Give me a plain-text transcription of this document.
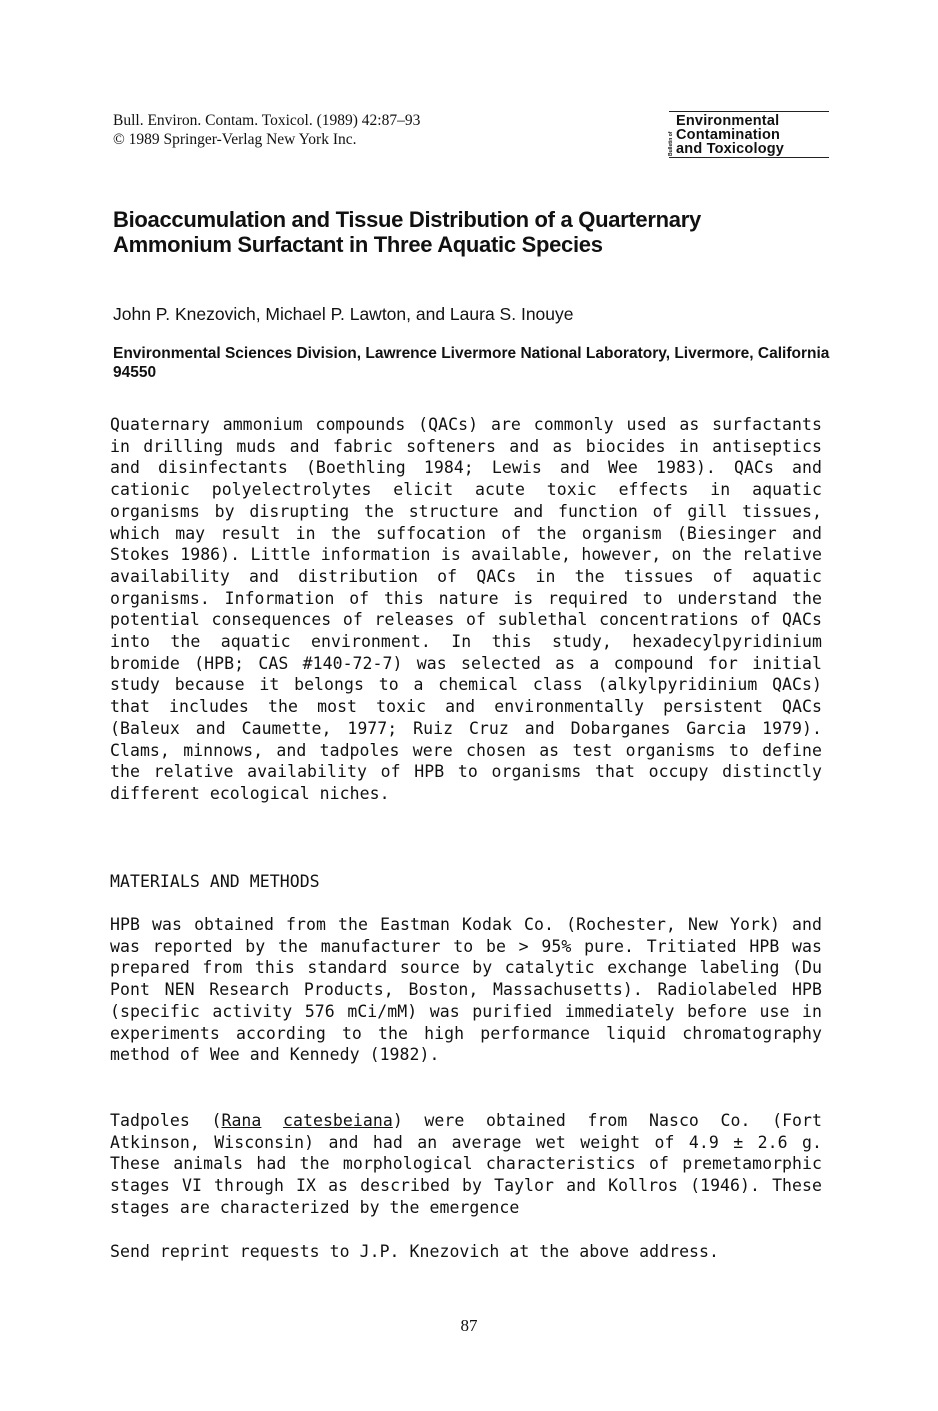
Bull. Environ. Contam. Toxicol. (1989) 42:87–93
© 1989 Springer-Verlag New York Inc.	Bulletin of
Environmental
Contamination
and Toxicology
Bioaccumulation and Tissue Distribution of a Quarternary Ammonium Surfactant in Three Aquatic Species
John P. Knezovich, Michael P. Lawton, and Laura S. Inouye
Environmental Sciences Division, Lawrence Livermore National Laboratory, Livermore, California 94550

Quaternary ammonium compounds (QACs) are commonly used as surfactants in drilling muds and fabric softeners and as biocides in antiseptics and disinfectants (Boethling 1984; Lewis and Wee 1983). QACs and cationic polyelectrolytes elicit acute toxic effects in aquatic organisms by disrupting the structure and function of gill tissues, which may result in the suffocation of the organism (Biesinger and Stokes 1986). Little information is available, however, on the relative availability and distribution of QACs in the tissues of aquatic organisms. Information of this nature is required to understand the potential consequences of releases of sublethal concentrations of QACs into the aquatic environment. In this study, hexadecylpyridinium bromide (HPB; CAS #140-72-7) was selected as a compound for initial study because it belongs to a chemical class (alkylpyridinium QACs) that includes the most toxic and environmentally persistent QACs (Baleux and Caumette, 1977; Ruiz Cruz and Dobarganes Garcia 1979). Clams, minnows, and tadpoles were chosen as test organisms to define the relative availability of HPB to organisms that occupy distinctly different ecological niches.

MATERIALS AND METHODS

HPB was obtained from the Eastman Kodak Co. (Rochester, New York) and was reported by the manufacturer to be > 95% pure. Tritiated HPB was prepared from this standard source by catalytic exchange labeling (Du Pont NEN Research Products, Boston, Massachusetts). Radiolabeled HPB (specific activity 576 mCi/mM) was purified immediately before use in experiments according to the high performance liquid chromatography method of Wee and Kennedy (1982).

Tadpoles (Rana catesbeiana) were obtained from Nasco Co. (Fort Atkinson, Wisconsin) and had an average wet weight of 4.9 ± 2.6 g. These animals had the morphological characteristics of premetamorphic stages VI through IX as described by Taylor and Kollros (1946). These stages are characterized by the emergence

Send reprint requests to J.P. Knezovich at the above address.

87
